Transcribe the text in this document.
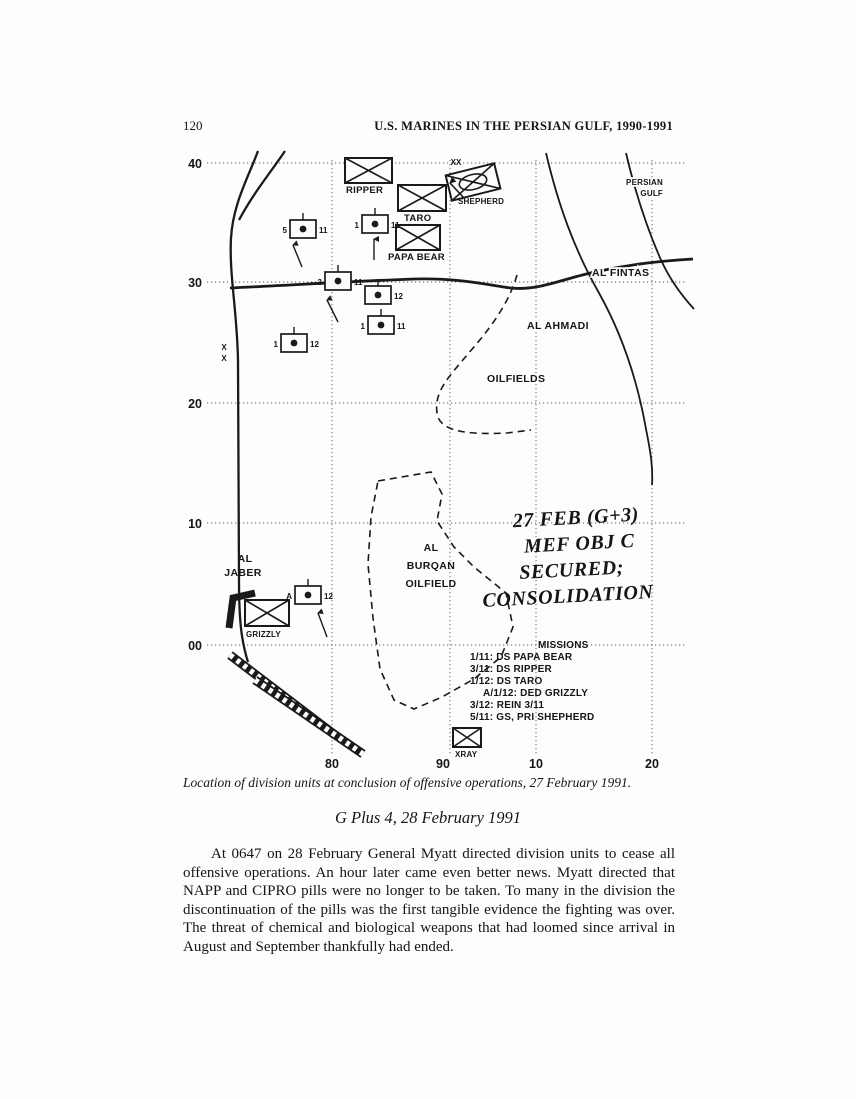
120	U.S. MARINES IN THE PERSIAN GULF, 1990-1991
40
30
20
10
00
80	90	10	20
X
X
RIPPER
TARO
XX
SHEPHERD
PAPA BEAR
GRIZZLY
XRAY
5	11
1	11
3	11
12
1	11
1	12
A	12
PERSIAN
GULF
AL FINTAS
AL AHMADI
OILFIELDS
AL
BURQAN
OILFIELD
AL
JABER
27 FEB (G+3)
MEF OBJ C
SECURED;
CONSOLIDATION
MISSIONS
1/11: DS PAPA BEAR
3/11: DS RIPPER
1/12: DS TARO
A/1/12: DED GRIZZLY
3/12: REIN 3/11
5/11: GS, PRI SHEPHERD
Location of division units at conclusion of offensive operations, 27 February 1991.
G Plus 4, 28 February 1991

At 0647 on 28 February General Myatt directed division units to cease all offensive operations. An hour later came even better news. Myatt directed that NAPP and CIPRO pills were no longer to be taken. To many in the division the discontinuation of the pills was the first tangible evidence the fighting was over. The threat of chemical and biological weapons that had loomed since arrival in August and September thankfully had ended.
